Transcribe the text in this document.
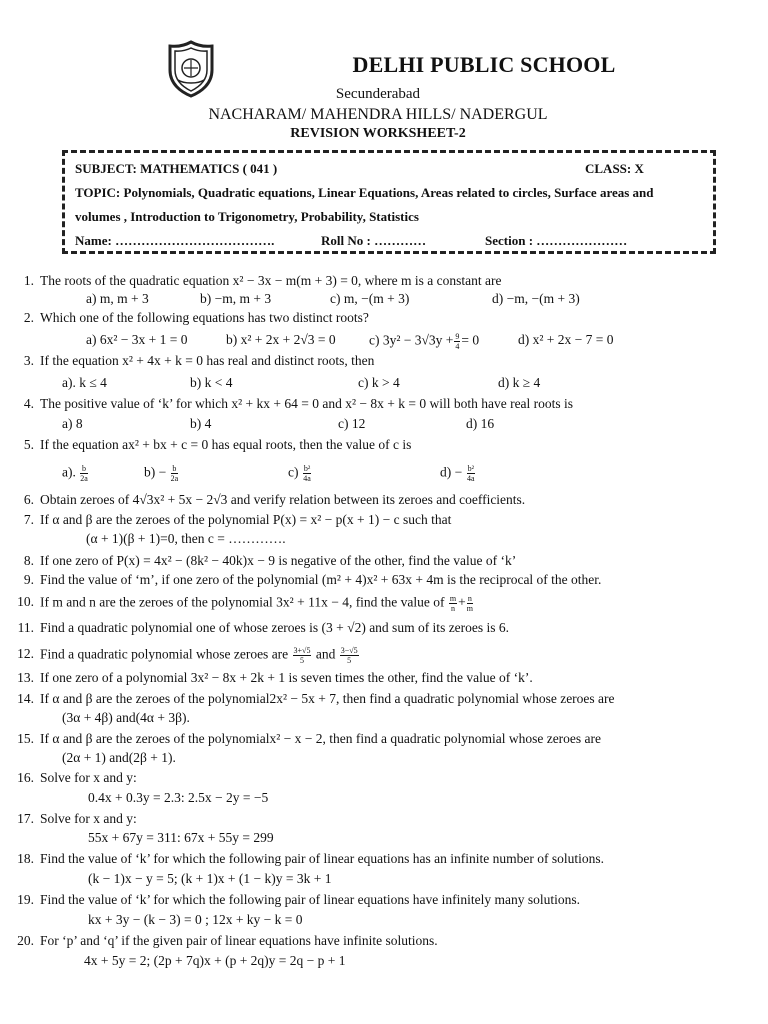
DELHI PUBLIC SCHOOL
Secunderabad
NACHARAM/ MAHENDRA HILLS/ NADERGUL
REVISION WORKSHEET-2
SUBJECT: MATHEMATICS ( 041 )	CLASS: X
TOPIC: Polynomials, Quadratic equations, Linear Equations, Areas related to circles, Surface areas and
volumes , Introduction to Trigonometry, Probability, Statistics
Name: ……………………………….	Roll No : …………	Section : …………………
1. The roots of the quadratic equation x² − 3x − m(m + 3) = 0, where m is a constant are
a) m, m + 3	b) −m, m + 3	c) m, −(m + 3)	d) −m, −(m + 3)
2. Which one of the following equations has two distinct roots?
a) 6x² − 3x + 1 = 0	b) x² + 2x + 2√3 = 0 c) $3y^2 - 3√3y + \frac{9}{4} = 0$	d) x² + 2x − 7 = 0
3. If the equation x² + 4x + k = 0 has real and distinct roots, then
a). k ≤ 4	b) k < 4	c) k > 4	d) k ≥ 4
4. The positive value of ‘k’ for which x² + kx + 64 = 0 and x² − 8x + k = 0 will both have real roots is
a) 8	b) 4	c) 12	d) 16
5. If the equation ax² + bx + c = 0 has equal roots, then the value of c is
a). $\frac{b}{2a}$	$b) - \frac{b}{2a}$	$c) \frac{\text{b²}}{4a}$	$d) - \frac{\text{b²}}{4a}$
6. Obtain zeroes of 4√3x² + 5x − 2√3 and verify relation between its zeroes and coefficients.
7. If α and β are the zeroes of the polynomial P(x) = x² − p(x + 1) − c such that
(α + 1)(β + 1)=0, then c = ………….
8. If one zero of P(x) = 4x² − (8k² − 40k)x − 9 is negative of the other, find the value of ‘k’
9. Find the value of ‘m’, if one zero of the polynomial (m² + 4)x² + 63x + 4m is the reciprocal of the other.
10. If m and n are the zeroes of the polynomial 3x² + 11x − 4, find the value of $\frac{m}{n} + \frac{n}{m}$
11. Find a quadratic polynomial one of whose zeroes is (3 + √2) and sum of its zeroes is 6.
12. Find a quadratic polynomial whose zeroes are $\frac{3+√5}{5}$ and $\frac{3-√5}{5}$
13. If one zero of a polynomial 3x² − 8x + 2k + 1 is seven times the other, find the value of ‘k’.
14. If α and β are the zeroes of the polynomial2x² − 5x + 7, then find a quadratic polynomial whose zeroes are
(3α + 4β) and(4α + 3β).
15. If α and β are the zeroes of the polynomialx² − x − 2, then find a quadratic polynomial whose zeroes are
(2α + 1) and(2β + 1).
16. Solve for x and y:
0.4x + 0.3y = 2.3: 2.5x − 2y = −5
17. Solve for x and y:
55x + 67y = 311: 67x + 55y = 299
18. Find the value of ‘k’ for which the following pair of linear equations has an infinite number of solutions.
(k − 1)x − y = 5; (k + 1)x + (1 − k)y = 3k + 1
19. Find the value of ‘k’ for which the following pair of linear equations have infinitely many solutions.
kx + 3y − (k − 3) = 0 ; 12x + ky − k = 0
20. For ‘p’ and ‘q’ if the given pair of linear equations have infinite solutions.
4x + 5y = 2; (2p + 7q)x + (p + 2q)y = 2q − p + 1
